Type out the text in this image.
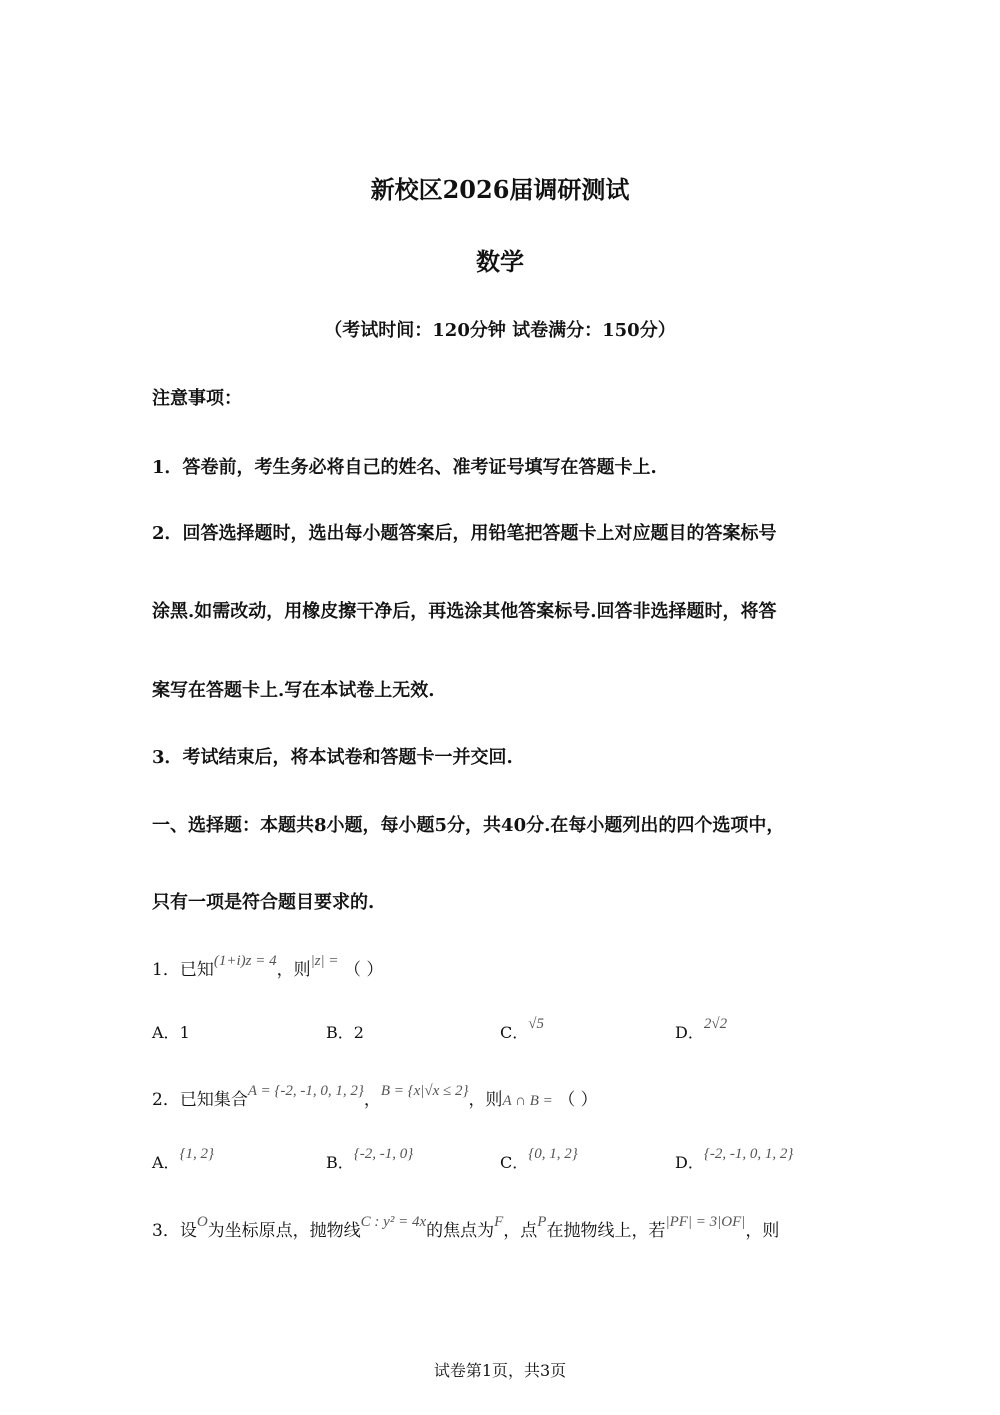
新校区2026届调研测试
数学
（考试时间：120分钟 试卷满分：150分）
注意事项：
1．答卷前，考生务必将自己的姓名、准考证号填写在答题卡上.
2．回答选择题时，选出每小题答案后，用铅笔把答题卡上对应题目的答案标号
涂黑.如需改动，用橡皮擦干净后，再选涂其他答案标号.回答非选择题时，将答
案写在答题卡上.写在本试卷上无效.
3．考试结束后，将本试卷和答题卡一并交回.
一、选择题：本题共8小题，每小题5分，共40分.在每小题列出的四个选项中，
只有一项是符合题目要求的.
1．已知(1+i)z = 4，则|z| = （ ）
A．1	B．2	C．√5	D．2√2
2．已知集合A = {-2, -1, 0, 1, 2}，B = {x|√x ≤ 2}，则A ∩ B = （ ）
A．{1, 2}	B．{-2, -1, 0}	C．{0, 1, 2}	D．{-2, -1, 0, 1, 2}
3．设O为坐标原点，抛物线C : y² = 4x的焦点为F，点P在抛物线上，若|PF| = 3|OF|，则
试卷第1页，共3页
